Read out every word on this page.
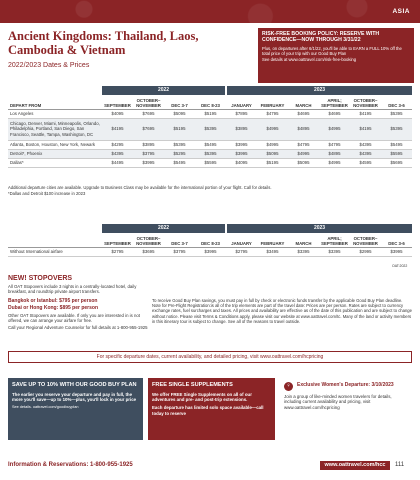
ASIA
Ancient Kingdoms: Thailand, Laos, Cambodia & Vietnam
2022/2023 Dates & Prices
RISK-FREE BOOKING POLICY: RESERVE WITH CONFIDENCE—NOW THROUGH 3/31/22
Plus, on departures after 6/1/22, you'll be able to EARN a FULL 10% off the total price of your trip with our Good Buy Plan
See details at www.oattravel.com/risk-free-booking
	2022				2023					
DEPART FROM	SEPTEMBER	OCTOBER–NOVEMBER	DEC 3-7	DEC 8-23	JANUARY	FEBRUARY	MARCH	APRIL; SEPTEMBER	OCTOBER–NOVEMBER	DEC 3-6
Los Angeles	$4095	$7695	$5095	$5195	$7895	$4795	$4695	$4695	$4195	$5395
Chicago, Denver, Miami, Minneapolis, Orlando, Philadelphia, Portland, San Diego, San Francisco, Seattle, Tampa, Washington, DC	$4195	$7695	$5195	$5395	$3895	$4995	$4895	$4995	$4195	$5395
Atlanta, Boston, Houston, New York, Newark	$4295	$3895	$5395	$5495	$3995	$4995	$4795	$4795	$4395	$5495
Detroit*, Phoenix	$4395	$3795	$5295	$5395	$3995	$5095	$4995	$4895	$4395	$5595
Dallas*	$4495	$3995	$5495	$5595	$4095	$5195	$5095	$4995	$4595	$5695
Additional departure cities are available. Upgrade to Business Class may be available for the international portion of your flight. Call for details.
*Dallas and Detroit $100 increase in 2023
	2022				2023					
	SEPTEMBER	OCTOBER–NOVEMBER	DEC 3-7	DEC 8-23	JANUARY	FEBRUARY	MARCH	APRIL; SEPTEMBER	OCTOBER–NOVEMBER	DEC 3-6
Without International airfare	$2795	$3695	$3795	$3995	$2795	$3495	$3395	$3395	$2995	$3995
OAT:2022
NEW! STOPOVERS
All OAT Stopovers include 3 nights in a centrally-located hotel, daily breakfast, and roundtrip private airport transfers.
Bangkok or Istanbul: $795 per person
Dubai or Hong Kong: $895 per person
Other OAT Stopovers are available. If only you are interested in is not offered, we can arrange your airfare for free.
Call your Regional Adventure Counselor for full details at 1-800-955-1925
To receive Good Buy Plan savings, you must pay in full by check or electronic funds transfer by the applicable Good Buy Plan deadline. Note for Pre-Flight Registration:is all of the trip elements are part of the travel date: Prices are per person. Rates are subject to currency exchange rates, fuel surcharges and taxes. All prices and availability are effective as of the date of this publication and are subject to change without notice. Please visit Terms & Conditions apply, please visit our website at www.oattravel.com/tc. Many of the land or activity members in this itinerary tour is subject to change. See all of the reasons to travel outside.
For specific departure dates, current availability, and detailed pricing, visit www.oattravel.com/hcpricing
SAVE UP TO 10% WITH OUR GOOD BUY PLAN
The earlier you reserve your departure and pay in full, the more you'll save—up to 10%—plus, you'll lock in your price
See details. oattravel.com/goodbuyplan
FREE SINGLE SUPPLEMENTS
We offer FREE Single Supplements on all of our adventures and pre- and post-trip extensions.
Each departure has limited solo space available—call today to reserve
♀	Exclusive Women's Departure: 3/10/2023
Join a group of like-minded women travelers for details, including current availability and pricing, visit www.oattravel.com/hcpricing
Information & Reservations: 1-800-955-1925	www.oattravel.com/hcc	111
